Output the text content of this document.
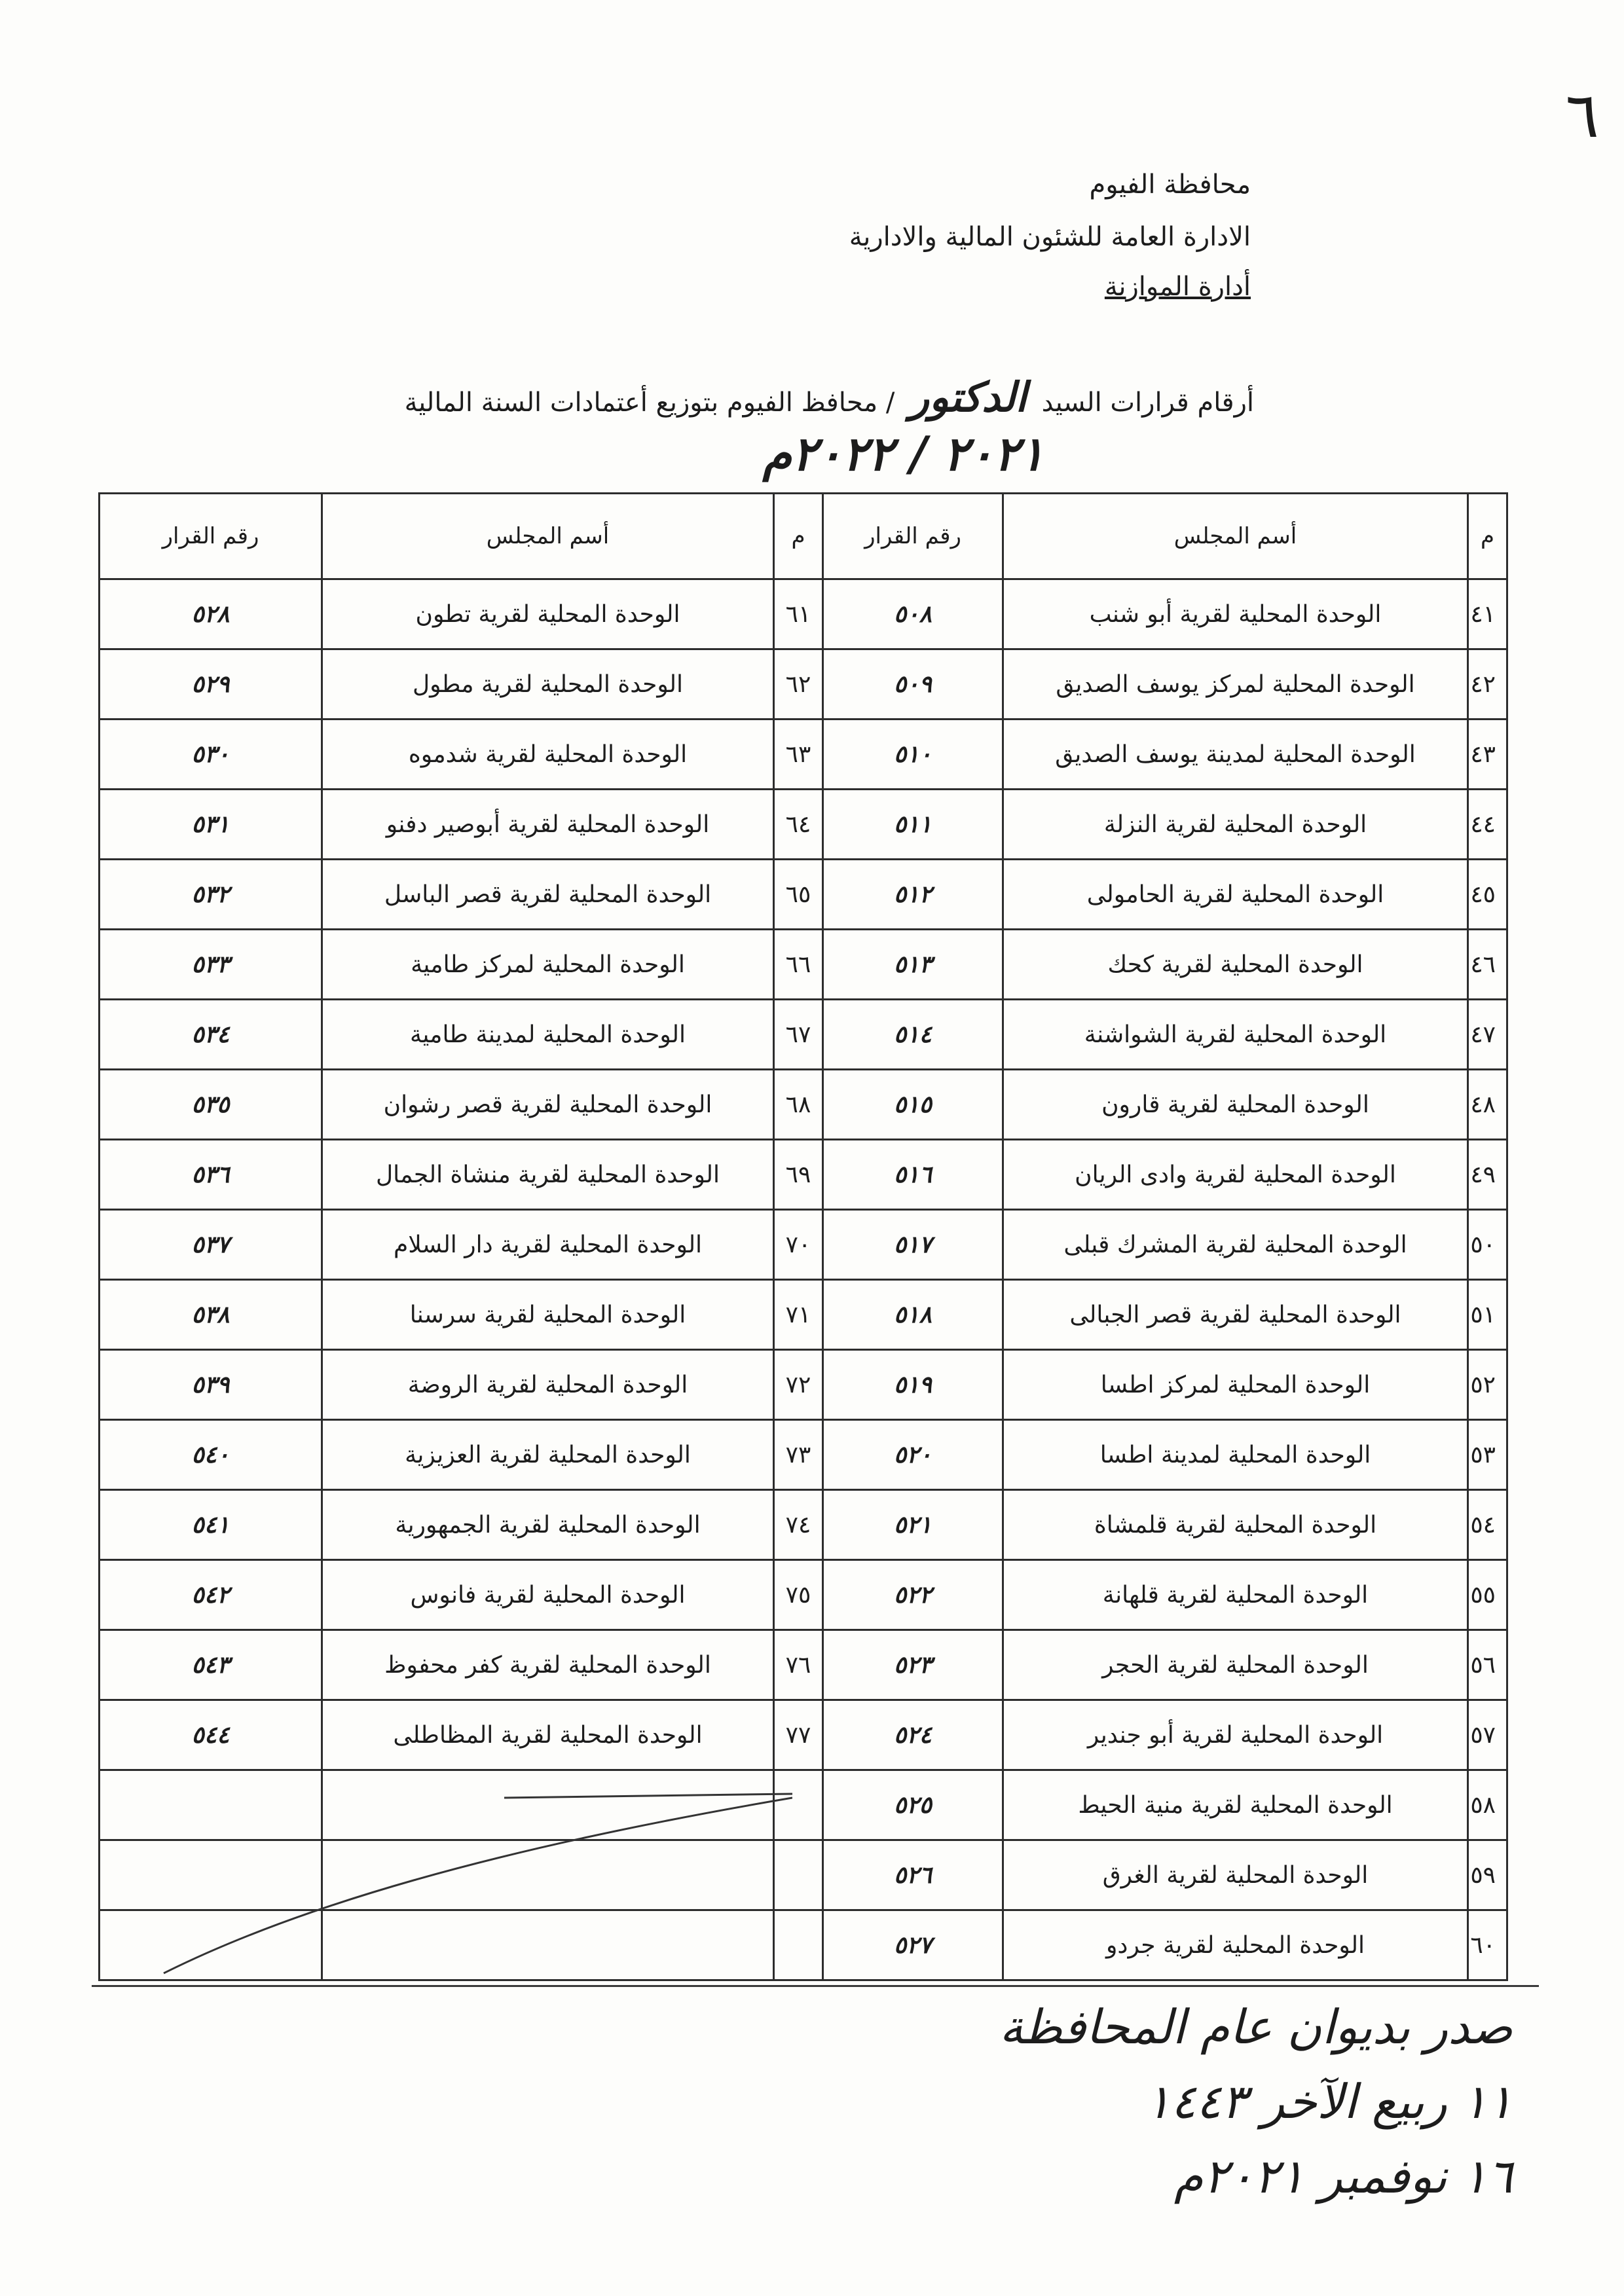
٦
محافظة الفيوم
الادارة العامة للشئون المالية والادارية
أدارة الموازنة
أرقام قرارات السيد الدكتور / محافظ الفيوم بتوزيع أعتمادات السنة المالية
٢٠٢١ / ٢٠٢٢م
م	أسم المجلس	رقم القرار	م	أسم المجلس	رقم القرار
٤١	الوحدة المحلية لقرية أبو شنب	٥٠٨	٦١	الوحدة المحلية لقرية تطون	٥٢٨
٤٢	الوحدة المحلية لمركز يوسف الصديق	٥٠٩	٦٢	الوحدة المحلية لقرية مطول	٥٢٩
٤٣	الوحدة المحلية لمدينة يوسف الصديق	٥١٠	٦٣	الوحدة المحلية لقرية شدموه	٥٣٠
٤٤	الوحدة المحلية لقرية النزلة	٥١١	٦٤	الوحدة المحلية لقرية أبوصير دفنو	٥٣١
٤٥	الوحدة المحلية لقرية الحامولى	٥١٢	٦٥	الوحدة المحلية لقرية قصر الباسل	٥٣٢
٤٦	الوحدة المحلية لقرية كحك	٥١٣	٦٦	الوحدة المحلية لمركز طامية	٥٣٣
٤٧	الوحدة المحلية لقرية الشواشنة	٥١٤	٦٧	الوحدة المحلية لمدينة طامية	٥٣٤
٤٨	الوحدة المحلية لقرية قارون	٥١٥	٦٨	الوحدة المحلية لقرية قصر رشوان	٥٣٥
٤٩	الوحدة المحلية لقرية وادى الريان	٥١٦	٦٩	الوحدة المحلية لقرية منشاة الجمال	٥٣٦
٥٠	الوحدة المحلية لقرية المشرك قبلى	٥١٧	٧٠	الوحدة المحلية لقرية دار السلام	٥٣٧
٥١	الوحدة المحلية لقرية قصر الجبالى	٥١٨	٧١	الوحدة المحلية لقرية سرسنا	٥٣٨
٥٢	الوحدة المحلية لمركز اطسا	٥١٩	٧٢	الوحدة المحلية لقرية الروضة	٥٣٩
٥٣	الوحدة المحلية لمدينة اطسا	٥٢٠	٧٣	الوحدة المحلية لقرية العزيزية	٥٤٠
٥٤	الوحدة المحلية لقرية قلمشاة	٥٢١	٧٤	الوحدة المحلية لقرية الجمهورية	٥٤١
٥٥	الوحدة المحلية لقرية قلهانة	٥٢٢	٧٥	الوحدة المحلية لقرية فانوس	٥٤٢
٥٦	الوحدة المحلية لقرية الحجر	٥٢٣	٧٦	الوحدة المحلية لقرية كفر محفوظ	٥٤٣
٥٧	الوحدة المحلية لقرية أبو جندير	٥٢٤	٧٧	الوحدة المحلية لقرية المظاطلى	٥٤٤
٥٨	الوحدة المحلية لقرية منية الحيط	٥٢٥			
٥٩	الوحدة المحلية لقرية الغرق	٥٢٦			
٦٠	الوحدة المحلية لقرية جردو	٥٢٧			
صدر بديوان عام المحافظة
١١ ربيع الآخر ١٤٤٣
١٦ نوفمبر ٢٠٢١م
